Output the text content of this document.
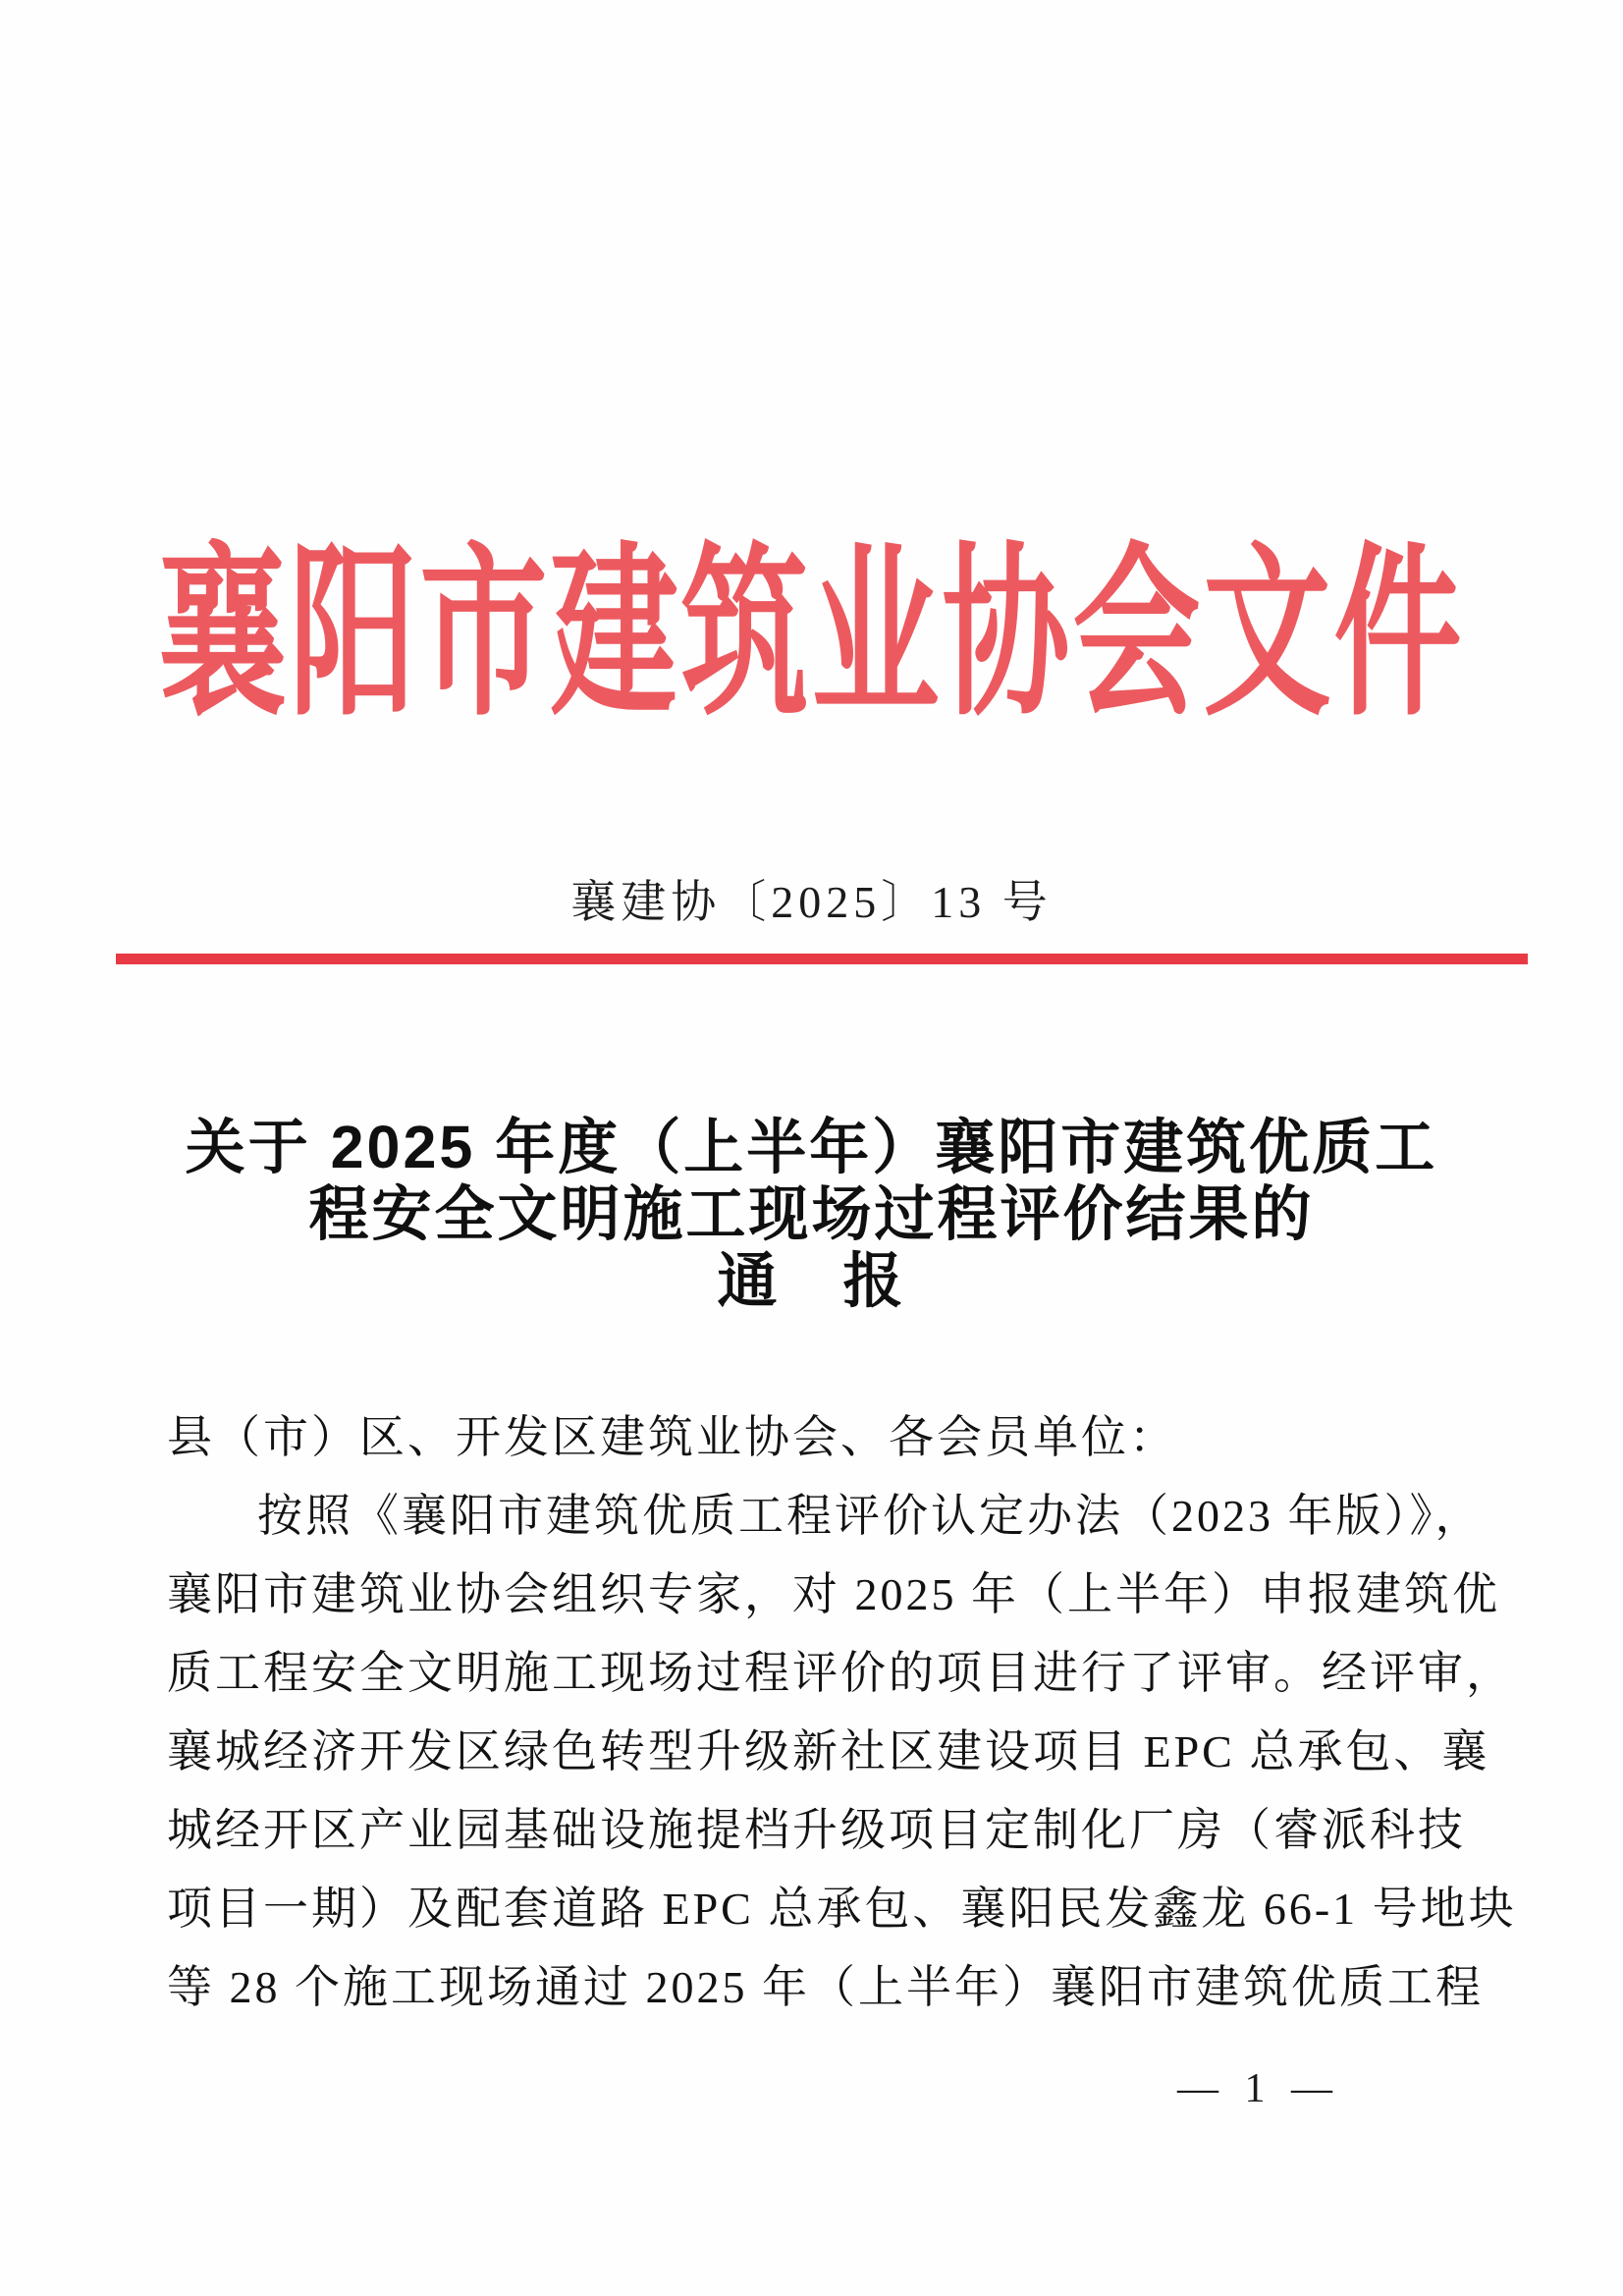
襄阳市建筑业协会文件
襄建协〔2025〕13 号
关于 2025 年度（上半年）襄阳市建筑优质工
程安全文明施工现场过程评价结果的
通　报
县（市）区、开发区建筑业协会、各会员单位：
按照《襄阳市建筑优质工程评价认定办法（2023 年版）》，
襄阳市建筑业协会组织专家，对 2025 年（上半年）申报建筑优
质工程安全文明施工现场过程评价的项目进行了评审。经评审，
襄城经济开发区绿色转型升级新社区建设项目 EPC 总承包、襄
城经开区产业园基础设施提档升级项目定制化厂房（睿派科技
项目一期）及配套道路 EPC 总承包、襄阳民发鑫龙 66-1 号地块
等 28 个施工现场通过 2025 年（上半年）襄阳市建筑优质工程
— 1 —
